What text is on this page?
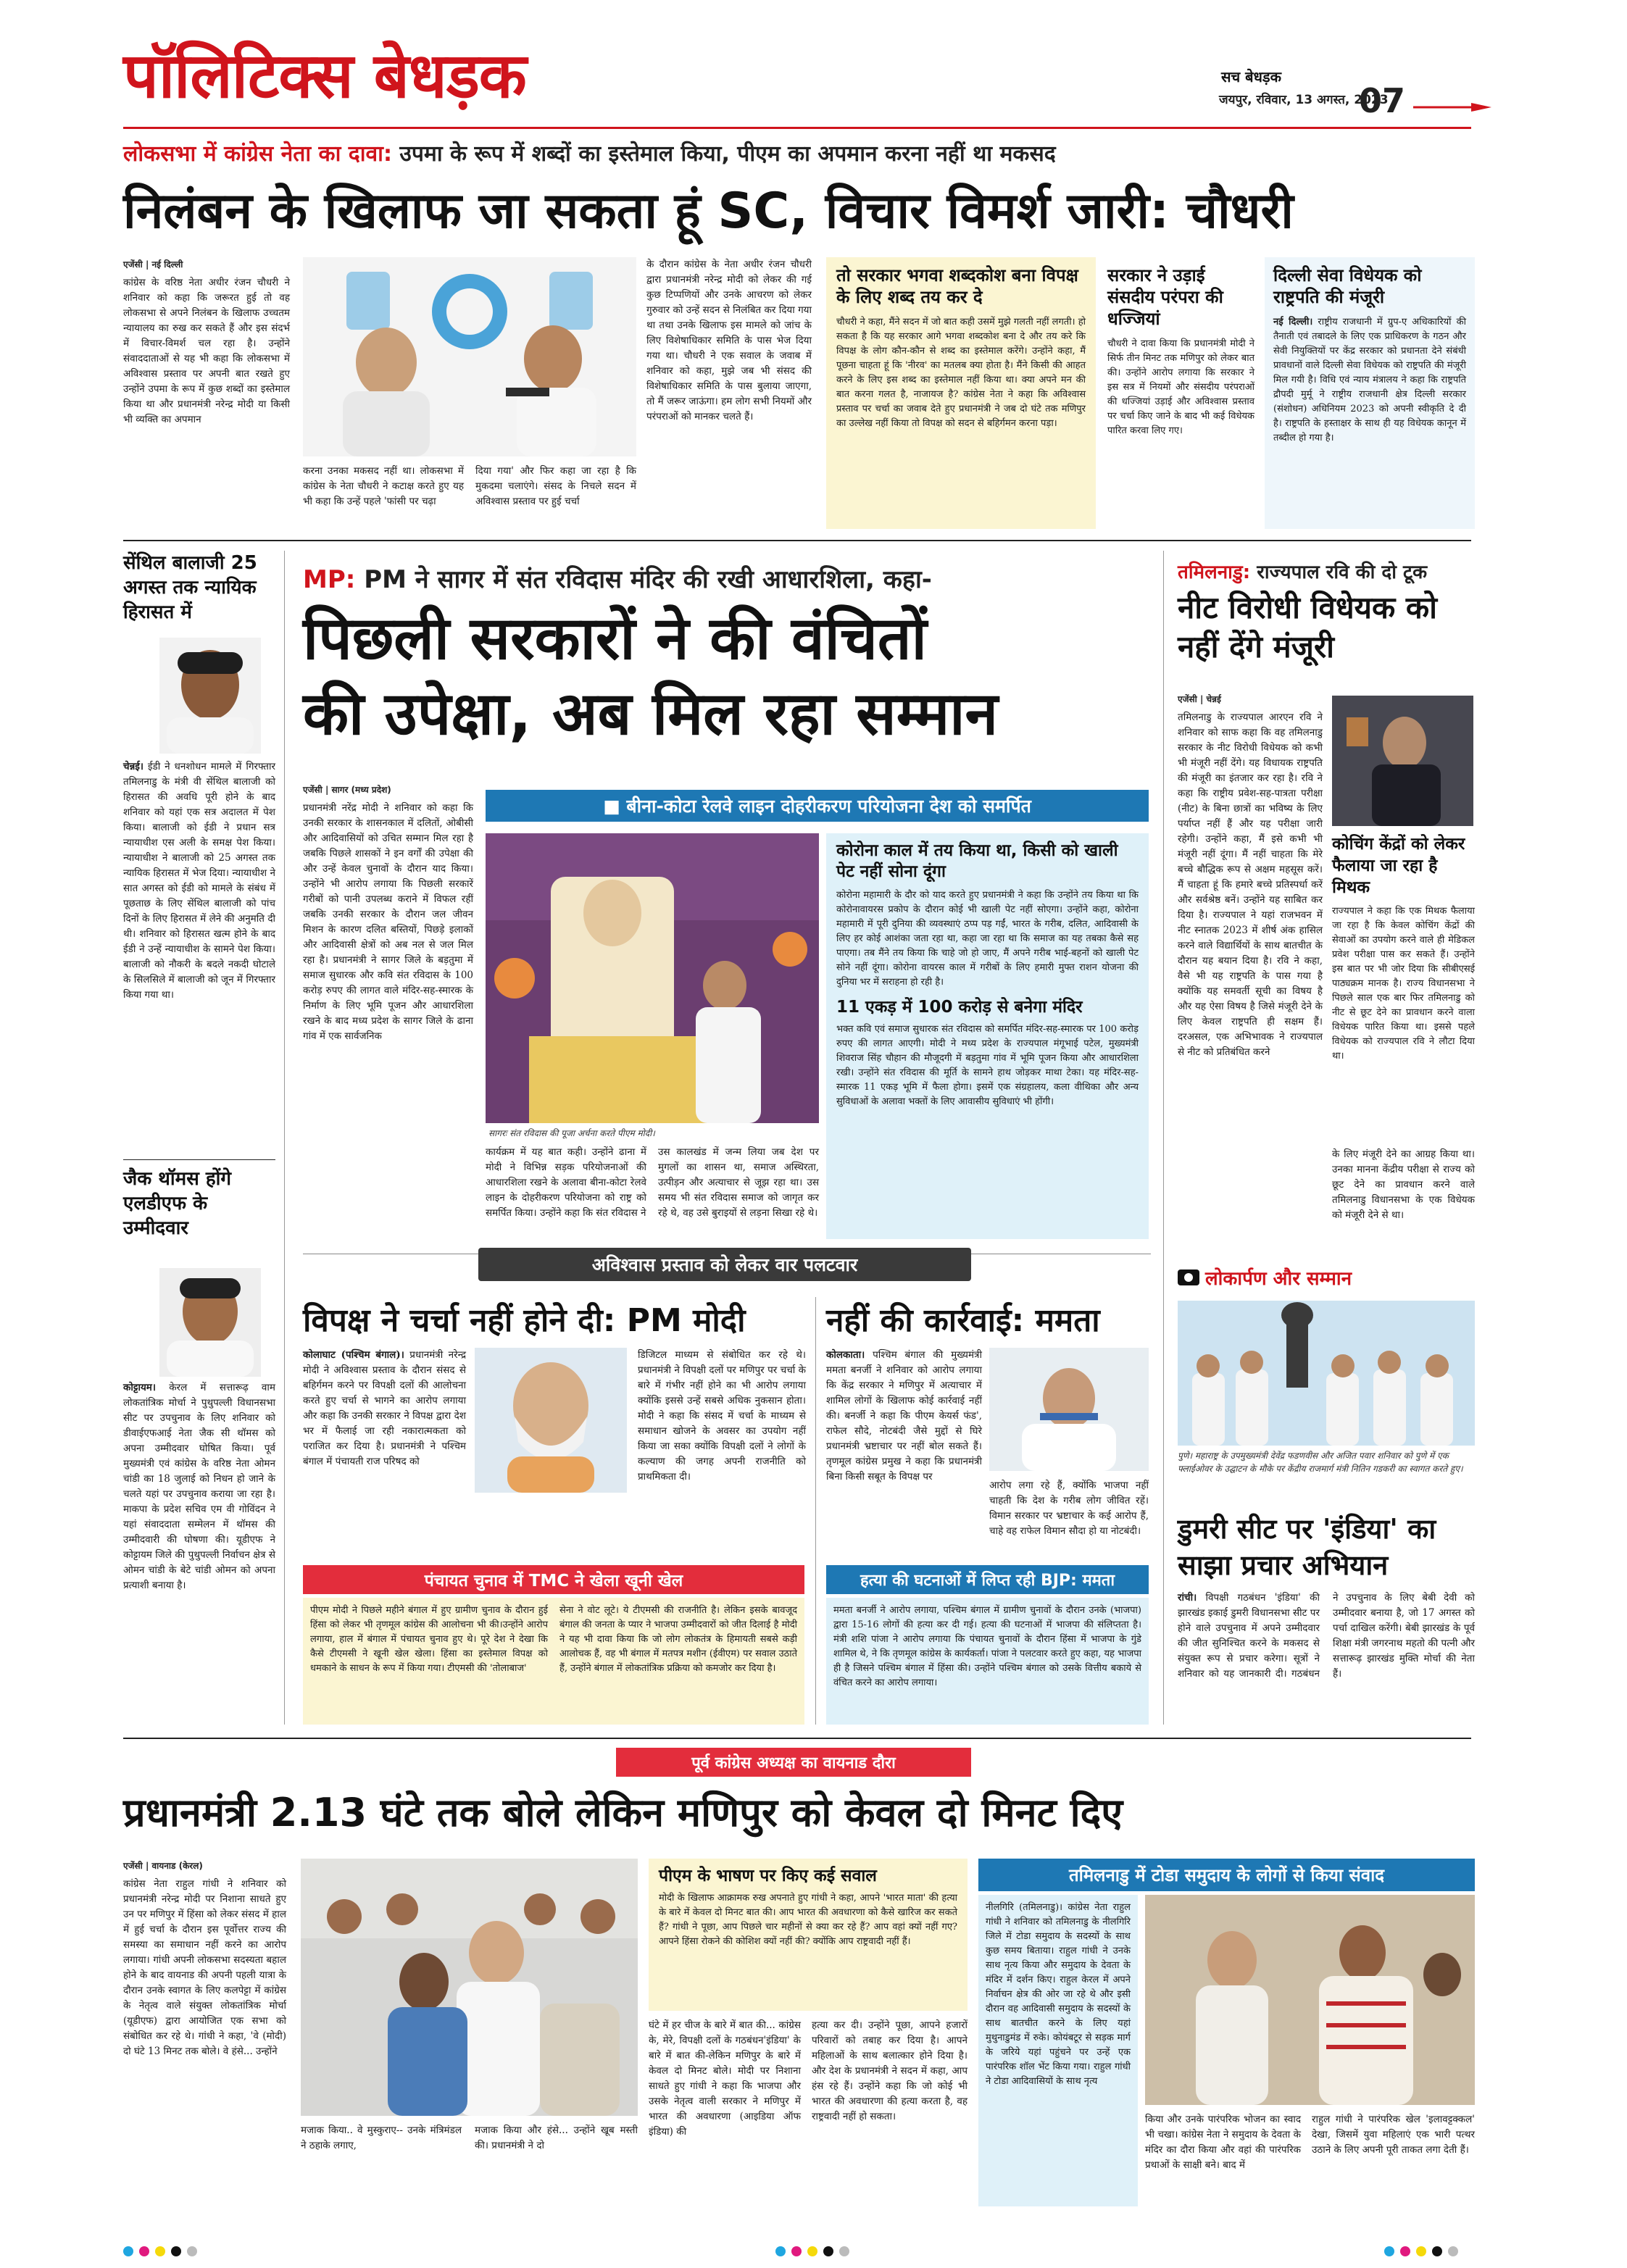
पॉलिटिक्स बेधड़क	सच बेधड़क
जयपुर, रविवार, 13 अगस्त, 2023
07
लोकसभा में कांग्रेस नेता का दावा: उपमा के रूप में शब्दों का इस्तेमाल किया, पीएम का अपमान करना नहीं था मकसद
निलंबन के खिलाफ जा सकता हूं SC, विचार विमर्श जारी: चौधरी
एजेंसी | नई दिल्ली
कांग्रेस के वरिष्ठ नेता अधीर रंजन चौधरी ने शनिवार को कहा कि जरूरत हुई तो वह लोकसभा से अपने निलंबन के खिलाफ उच्चतम न्यायालय का रुख कर सकते हैं और इस संदर्भ में विचार-विमर्श चल रहा है। उन्होंने संवाददाताओं से यह भी कहा कि लोकसभा में अविश्वास प्रस्ताव पर अपनी बात रखते हुए उन्होंने उपमा के रूप में कुछ शब्दों का इस्तेमाल किया था और प्रधानमंत्री नरेन्द्र मोदी या किसी भी व्यक्ति का अपमान
करना उनका मकसद नहीं था। लोकसभा में कांग्रेस के नेता चौधरी ने कटाक्ष करते हुए यह भी कहा कि उन्हें पहले 'फांसी पर चढ़ा
दिया गया' और फिर कहा जा रहा है कि मुकदमा चलाएंगे। संसद के निचले सदन में अविश्वास प्रस्ताव पर हुई चर्चा
के दौरान कांग्रेस के नेता अधीर रंजन चौधरी द्वारा प्रधानमंत्री नरेन्द्र मोदी को लेकर की गई कुछ टिप्पणियों और उनके आचरण को लेकर गुरुवार को उन्हें सदन से निलंबित कर दिया गया था तथा उनके खिलाफ इस मामले को जांच के लिए विशेषाधिकार समिति के पास भेज दिया गया था। चौधरी ने एक सवाल के जवाब में शनिवार को कहा, मुझे जब भी संसद की विशेषाधिकार समिति के पास बुलाया जाएगा, तो मैं जरूर जाऊंगा। हम लोग सभी नियमों और परंपराओं को मानकर चलते हैं।
तो सरकार भगवा शब्दकोश बना विपक्ष के लिए शब्द तय कर दे
चौधरी ने कहा, मैंने सदन में जो बात कही उसमें मुझे गलती नहीं लगती। हो सकता है कि यह सरकार आगे भगवा शब्दकोश बना दे और तय करे कि विपक्ष के लोग कौन-कौन से शब्द का इस्तेमाल करेंगे। उन्होंने कहा, मैं पूछना चाहता हूं कि 'नीरव' का मतलब क्या होता है। मैंने किसी की आहत करने के लिए इस शब्द का इस्तेमाल नहीं किया था। क्या अपने मन की बात करना गलत है, नाजायज है? कांग्रेस नेता ने कहा कि अविश्वास प्रस्ताव पर चर्चा का जवाब देते हुए प्रधानमंत्री ने जब दो घंटे तक मणिपुर का उल्लेख नहीं किया तो विपक्ष को सदन से बहिर्गमन करना पड़ा।
सरकार ने उड़ाई संसदीय परंपरा की धज्जियां
चौधरी ने दावा किया कि प्रधानमंत्री मोदी ने सिर्फ तीन मिनट तक मणिपुर को लेकर बात की। उन्होंने आरोप लगाया कि सरकार ने इस सत्र में नियमों और संसदीय परंपराओं की धज्जियां उड़ाई और अविश्वास प्रस्ताव पर चर्चा किए जाने के बाद भी कई विधेयक पारित करवा लिए गए।
दिल्ली सेवा विधेयक को राष्ट्रपति की मंजूरी
नई दिल्ली। राष्ट्रीय राजधानी में ग्रुप-ए अधिकारियों की तैनाती एवं तबादले के लिए एक प्राधिकरण के गठन और सेवी नियुक्तियों पर केंद्र सरकार को प्रधानता देने संबंधी प्रावधानों वाले दिल्ली सेवा विधेयक को राष्ट्रपति की मंजूरी मिल गयी है। विधि एवं न्याय मंत्रालय ने कहा कि राष्ट्रपति द्रौपदी मुर्मू ने राष्ट्रीय राजधानी क्षेत्र दिल्ली सरकार (संशोधन) अधिनियम 2023 को अपनी स्वीकृति दे दी है। राष्ट्रपति के हस्ताक्षर के साथ ही यह विधेयक कानून में तब्दील हो गया है।
सेंथिल बालाजी 25 अगस्त तक न्यायिक हिरासत में
चेन्नई। ईडी ने धनशोधन मामले में गिरफ्तार तमिलनाडु के मंत्री वी सेंथिल बालाजी को हिरासत की अवधि पूरी होने के बाद शनिवार को यहां एक सत्र अदालत में पेश किया। बालाजी को ईडी ने प्रधान सत्र न्यायाधीश एस अली के समक्ष पेश किया। न्यायाधीश ने बालाजी को 25 अगस्त तक न्यायिक हिरासत में भेज दिया। न्यायाधीश ने सात अगस्त को ईडी को मामले के संबंध में पूछताछ के लिए सेंथिल बालाजी को पांच दिनों के लिए हिरासत में लेने की अनुमति दी थी। शनिवार को हिरासत खत्म होने के बाद ईडी ने उन्हें न्यायाधीश के सामने पेश किया। बालाजी को नौकरी के बदले नकदी घोटाले के सिलसिले में बालाजी को जून में गिरफ्तार किया गया था।
जैक थॉमस होंगे एलडीएफ के उम्मीदवार
कोट्टायम। केरल में सत्तारूढ़ वाम लोकतांत्रिक मोर्चा ने पुथुपल्ली विधानसभा सीट पर उपचुनाव के लिए शनिवार को डीवाईएफआई नेता जैक सी थॉमस को अपना उम्मीदवार घोषित किया। पूर्व मुख्यमंत्री एवं कांग्रेस के वरिष्ठ नेता ओमन चांडी का 18 जुलाई को निधन हो जाने के चलते यहां पर उपचुनाव कराया जा रहा है। माकपा के प्रदेश सचिव एम वी गोविंदन ने यहां संवाददाता सम्मेलन में थॉमस की उम्मीदवारी की घोषणा की। यूडीएफ ने कोट्टायम जिले की पुथुपल्ली निर्वाचन क्षेत्र से ओमन चांडी के बेटे चांडी ओमन को अपना प्रत्याशी बनाया है।
MP: PM ने सागर में संत रविदास मंदिर की रखी आधारशिला, कहा-
पिछली सरकारों ने की वंचितों
की उपेक्षा, अब मिल रहा सम्मान
एजेंसी | सागर (मध्य प्रदेश)
प्रधानमंत्री नरेंद्र मोदी ने शनिवार को कहा कि उनकी सरकार के शासनकाल में दलितों, ओबीसी और आदिवासियों को उचित सम्मान मिल रहा है जबकि पिछले शासकों ने इन वर्गों की उपेक्षा की और उन्हें केवल चुनावों के दौरान याद किया। उन्होंने भी आरोप लगाया कि पिछली सरकारें गरीबों को पानी उपलब्ध कराने में विफल रहीं जबकि उनकी सरकार के दौरान जल जीवन मिशन के कारण दलित बस्तियों, पिछड़े इलाकों और आदिवासी क्षेत्रों को अब नल से जल मिल रहा है। प्रधानमंत्री ने सागर जिले के बड़तुमा में समाज सुधारक और कवि संत रविदास के 100 करोड़ रुपए की लागत वाले मंदिर-सह-स्मारक के निर्माण के लिए भूमि पूजन और आधारशिला रखने के बाद मध्य प्रदेश के सागर जिले के ढाना गांव में एक सार्वजनिक
■ बीना-कोटा रेलवे लाइन दोहरीकरण परियोजना देश को समर्पित
सागरः संत रविदास की पूजा अर्चना करते पीएम मोदी।
कोरोना काल में तय किया था, किसी को खाली पेट नहीं सोना दूंगा
कोरोना महामारी के दौर को याद करते हुए प्रधानमंत्री ने कहा कि उन्होंने तय किया था कि कोरोनावायरस प्रकोप के दौरान कोई भी खाली पेट नहीं सोएगा। उन्होंने कहा, कोरोना महामारी में पूरी दुनिया की व्यवस्थाएं ठप्प पड़ गईं, भारत के गरीब, दलित, आदिवासी के लिए हर कोई आशंका जता रहा था, कहा जा रहा था कि समाज का यह तबका कैसे सह पाएगा। तब मैंने तय किया कि चाहे जो हो जाए, मैं अपने गरीब भाई-बहनों को खाली पेट सोने नहीं दूंगा। कोरोना वायरस काल में गरीबों के लिए हमारी मुफ्त राशन योजना की दुनिया भर में सराहना हो रही है।
11 एकड़ में 100 करोड़ से बनेगा मंदिर
भक्त कवि एवं समाज सुधारक संत रविदास को समर्पित मंदिर-सह-स्मारक पर 100 करोड़ रुपए की लागत आएगी। मोदी ने मध्य प्रदेश के राज्यपाल मंगूभाई पटेल, मुख्यमंत्री शिवराज सिंह चौहान की मौजूदगी में बड़तुमा गांव में भूमि पूजन किया और आधारशिला रखी। उन्होंने संत रविदास की मूर्ति के सामने हाथ जोड़कर माथा टेका। यह मंदिर-सह-स्मारक 11 एकड़ भूमि में फैला होगा। इसमें एक संग्रहालय, कला वीथिका और अन्य सुविधाओं के अलावा भक्तों के लिए आवासीय सुविधाएं भी होंगी।
कार्यक्रम में यह बात कही। उन्होंने ढाना में मोदी ने विभिन्न सड़क परियोजनाओं की आधारशिला रखने के अलावा बीना-कोटा रेलवे लाइन के दोहरीकरण परियोजना को राष्ट्र को समर्पित किया। उन्होंने कहा कि संत रविदास ने
उस कालखंड में जन्म लिया जब देश पर मुगलों का शासन था, समाज अस्थिरता, उत्पीड़न और अत्याचार से जूझ रहा था। उस समय भी संत रविदास समाज को जागृत कर रहे थे, वह उसे बुराइयों से लड़ना सिखा रहे थे।
तमिलनाडु: राज्यपाल रवि की दो टूक
नीट विरोधी विधेयक को नहीं देंगे मंजूरी
एजेंसी | चेन्नई
तमिलनाडु के राज्यपाल आरएन रवि ने शनिवार को साफ कहा कि वह तमिलनाडु सरकार के नीट विरोधी विधेयक को कभी भी मंजूरी नहीं देंगे। यह विधायक राष्ट्रपति की मंजूरी का इंतजार कर रहा है। रवि ने कहा कि राष्ट्रीय प्रवेश-सह-पात्रता परीक्षा (नीट) के बिना छात्रों का भविष्य के लिए पर्याप्त नहीं हैं और यह परीक्षा जारी रहेगी। उन्होंने कहा, मैं इसे कभी भी मंजूरी नहीं दूंगा। मैं नहीं चाहता कि मेरे बच्चे बौद्धिक रूप से अक्षम महसूस करें। मैं चाहता हूं कि हमारे बच्चे प्रतिस्पर्धा करें और सर्वश्रेष्ठ बनें। उन्होंने यह साबित कर दिया है। राज्यपाल ने यहां राजभवन में नीट स्नातक 2023 में शीर्ष अंक हासिल करने वाले विद्यार्थियों के साथ बातचीत के दौरान यह बयान दिया है। रवि ने कहा, वैसे भी यह राष्ट्रपति के पास गया है क्योंकि यह समवर्ती सूची का विषय है और यह ऐसा विषय है जिसे मंजूरी देने के लिए केवल राष्ट्रपति ही सक्षम हैं। दरअसल, एक अभिभावक ने राज्यपाल से नीट को प्रतिबंधित करने
कोचिंग केंद्रों को लेकर फैलाया जा रहा है मिथक
राज्यपाल ने कहा कि एक मिथक फैलाया जा रहा है कि केवल कोचिंग केंद्रों की सेवाओं का उपयोग करने वाले ही मेडिकल प्रवेश परीक्षा पास कर सकते हैं। उन्होंने इस बात पर भी जोर दिया कि सीबीएसई पाठ्यक्रम मानक है। राज्य विधानसभा ने पिछले साल एक बार फिर तमिलनाडु को नीट से छूट देने का प्रावधान करने वाला विधेयक पारित किया था। इससे पहले विधेयक को राज्यपाल रवि ने लौटा दिया था।
के लिए मंजूरी देने का आग्रह किया था। उनका मानना केंद्रीय परीक्षा से राज्य को छूट देने का प्रावधान करने वाले तमिलनाडु विधानसभा के एक विधेयक को मंजूरी देने से था।
अविश्वास प्रस्ताव को लेकर वार पलटवार
विपक्ष ने चर्चा नहीं होने दी: PM मोदी
कोलाघाट (पश्चिम बंगाल)। प्रधानमंत्री नरेन्द्र मोदी ने अविश्वास प्रस्ताव के दौरान संसद से बहिर्गमन करने पर विपक्षी दलों की आलोचना करते हुए चर्चा से भागने का आरोप लगाया और कहा कि उनकी सरकार ने विपक्ष द्वारा देश भर में फैलाई जा रही नकारात्मकता को पराजित कर दिया है। प्रधानमंत्री ने पश्चिम बंगाल में पंचायती राज परिषद को
डिजिटल माध्यम से संबोधित कर रहे थे। प्रधानमंत्री ने विपक्षी दलों पर मणिपुर पर चर्चा के बारे में गंभीर नहीं होने का भी आरोप लगाया क्योंकि इससे उन्हें सबसे अधिक नुकसान होता। मोदी ने कहा कि संसद में चर्चा के माध्यम से समाधान खोजने के अवसर का उपयोग नहीं किया जा सका क्योंकि विपक्षी दलों ने लोगों के कल्याण की जगह अपनी राजनीति को प्राथमिकता दी।
पंचायत चुनाव में TMC ने खेला खूनी खेल
पीएम मोदी ने पिछले महीने बंगाल में हुए ग्रामीण चुनाव के दौरान हुई हिंसा को लेकर भी तृणमूल कांग्रेस की आलोचना भी की।उन्होंने आरोप लगाया, हाल में बंगाल में पंचायत चुनाव हुए थे। पूरे देश ने देखा कि कैसे टीएमसी ने खूनी खेल खेला। हिंसा का इस्तेमाल विपक्ष को धमकाने के साधन के रूप में किया गया। टीएमसी की 'तोलाबाज'
सेना ने वोट लूटे। ये टीएमसी की राजनीति है। लेकिन इसके बावजूद बंगाल की जनता के प्यार ने भाजपा उम्मीदवारों को जीत दिलाई है मोदी ने यह भी दावा किया कि जो लोग लोकतंत्र के हिमायती सबसे कड़ी आलोचक हैं, वह भी बंगाल में मतपत्र मशीन (ईवीएम) पर सवाल उठाते हैं, उन्होंने बंगाल में लोकतांत्रिक प्रक्रिया को कमजोर कर दिया है।
नहीं की कार्रवाई: ममता
कोलकाता। पश्चिम बंगाल की मुख्यमंत्री ममता बनर्जी ने शनिवार को आरोप लगाया कि केंद्र सरकार ने मणिपुर में अत्याचार में शामिल लोगों के खिलाफ कोई कार्रवाई नहीं की। बनर्जी ने कहा कि पीएम केयर्स फंड', राफेल सौदे, नोटबंदी जैसे मुद्दों से घिरे प्रधानमंत्री भ्रष्टाचार पर नहीं बोल सकते हैं। तृणमूल कांग्रेस प्रमुख ने कहा कि प्रधानमंत्री बिना किसी सबूत के विपक्ष पर
आरोप लगा रहे हैं, क्योंकि भाजपा नहीं चाहती कि देश के गरीब लोग जीवित रहें।विमान सरकार पर भ्रष्टाचार के कई आरोप हैं, चाहे वह राफेल विमान सौदा हो या नोटबंदी।
हत्या की घटनाओं में लिप्त रही BJP: ममता
ममता बनर्जी ने आरोप लगाया, पश्चिम बंगाल में ग्रामीण चुनावों के दौरान उनके (भाजपा) द्वारा 15-16 लोगों की हत्या कर दी गई। हत्या की घटनाओं में भाजपा की संलिप्तता है। मंत्री शशि पांजा ने आरोप लगाया कि पंचायत चुनावों के दौरान हिंसा में भाजपा के गुंडे शामिल थे, ने कि तृणमूल कांग्रेस के कार्यकर्ता। पांजा ने पलटवार करते हुए कहा, यह भाजपा ही है जिसने पश्चिम बंगाल में हिंसा की। उन्होंने पश्चिम बंगाल को उसके वित्तीय बकाये से वंचित करने का आरोप लगाया।
लोकार्पण और सम्मान
पुणे। महाराष्ट्र के उपमुख्यमंत्री देवेंद्र फडणवीस और अजित पवार शनिवार को पुणे में एक फ्लाईओवर के उद्घाटन के मौके पर केंद्रीय राजमार्ग मंत्री नितिन गडकरी का स्वागत करते हुए।
डुमरी सीट पर 'इंडिया' का साझा प्रचार अभियान
रांची। विपक्षी गठबंधन 'इंडिया' की झारखंड इकाई डुमरी विधानसभा सीट पर होने वाले उपचुनाव में अपने उम्मीदवार की जीत सुनिश्चित करने के मकसद से संयुक्त रूप से प्रचार करेगा। सूत्रों ने शनिवार को यह जानकारी दी। गठबंधन ने उपचुनाव के लिए बेबी देवी को उम्मीदवार बनाया है, जो 17 अगस्त को पर्चा दाखिल करेंगी। बेबी झारखंड के पूर्व शिक्षा मंत्री जगरनाथ महतो की पत्नी और सत्तारूढ़ झारखंड मुक्ति मोर्चा की नेता हैं।
पूर्व कांग्रेस अध्यक्ष का वायनाड दौरा
प्रधानमंत्री 2.13 घंटे तक बोले लेकिन मणिपुर को केवल दो मिनट दिए
एजेंसी | वायनाड (केरल)
कांग्रेस नेता राहुल गांधी ने शनिवार को प्रधानमंत्री नरेन्द्र मोदी पर निशाना साधते हुए उन पर मणिपुर में हिंसा को लेकर संसद में हाल में हुई चर्चा के दौरान इस पूर्वोत्तर राज्य की समस्या का समाधान नहीं करने का आरोप लगाया। गांधी अपनी लोकसभा सदस्यता बहाल होने के बाद वायनाड की अपनी पहली यात्रा के दौरान उनके स्वागत के लिए कलपेट्टा में कांग्रेस के नेतृत्व वाले संयुक्त लोकतांत्रिक मोर्चा (यूडीएफ) द्वारा आयोजित एक सभा को संबोधित कर रहे थे। गांधी ने कहा, 'वे (मोदी) दो घंटे 13 मिनट तक बोले। वे हंसे... उन्होंने
मजाक किया.. वे मुस्कुराए-- उनके मंत्रिमंडल ने ठहाके लगाए,
मजाक किया और हंसे... उन्होंने खूब मस्ती की। प्रधानमंत्री ने दो
पीएम के भाषण पर किए कई सवाल
मोदी के खिलाफ आक्रामक रुख अपनाते हुए गांधी ने कहा, आपने 'भारत माता' की हत्या के बारे में केवल दो मिनट बात की। आप भारत की अवधारणा को कैसे खारिज कर सकते हैं? गांधी ने पूछा, आप पिछले चार महीनों से क्या कर रहे हैं? आप वहां क्यों नहीं गए? आपने हिंसा रोकने की कोशिश क्यों नहीं की? क्योंकि आप राष्ट्रवादी नहीं हैं।
घंटे में हर चीज के बारे में बात की... कांग्रेस के, मेरे, विपक्षी दलों के गठबंधन'इंडिया' के बारे में बात की-लेकिन मणिपुर के बारे में केवल दो मिनट बोले। मोदी पर निशाना साधते हुए गांधी ने कहा कि भाजपा और उसके नेतृत्व वाली सरकार ने मणिपुर में भारत की अवधारणा (आइडिया ऑफ इंडिया) की
हत्या कर दी। उन्होंने पूछा, आपने हजारों परिवारों को तबाह कर दिया है। आपने महिलाओं के साथ बलात्कार होने दिया है। और देश के प्रधानमंत्री ने सदन में कहा, आप हंस रहे हैं। उन्होंने कहा कि जो कोई भी भारत की अवधारणा की हत्या करता है, वह राष्ट्रवादी नहीं हो सकता।
तमिलनाडु में टोडा समुदाय के लोगों से किया संवाद
नीलगिरि (तमिलनाडु)। कांग्रेस नेता राहुल गांधी ने शनिवार को तमिलनाडु के नीलगिरि जिले में टोडा समुदाय के सदस्यों के साथ कुछ समय बिताया। राहुल गांधी ने उनके साथ नृत्य किया और समुदाय के देवता के मंदिर में दर्शन किए। राहुल केरल में अपने निर्वाचन क्षेत्र की ओर जा रहे थे और इसी दौरान वह आदिवासी समुदाय के सदस्यों के साथ बातचीत करने के लिए यहां मुथुनाडुमंड में रुके। कोयंबटूर से सड़क मार्ग के जरिये यहां पहुंचने पर उन्हें एक पारंपरिक शॉल भेंट किया गया। राहुल गांधी ने टोडा आदिवासियों के साथ नृत्य
किया और उनके पारंपरिक भोजन का स्वाद भी चखा। कांग्रेस नेता ने समुदाय के देवता के मंदिर का दौरा किया और वहां की पारंपरिक प्रथाओं के साक्षी बने। बाद में
राहुल गांधी ने पारंपरिक खेल 'इलावट्टक्कल' देखा, जिसमें युवा महिलाएं एक भारी पत्थर उठाने के लिए अपनी पूरी ताकत लगा देती हैं।
